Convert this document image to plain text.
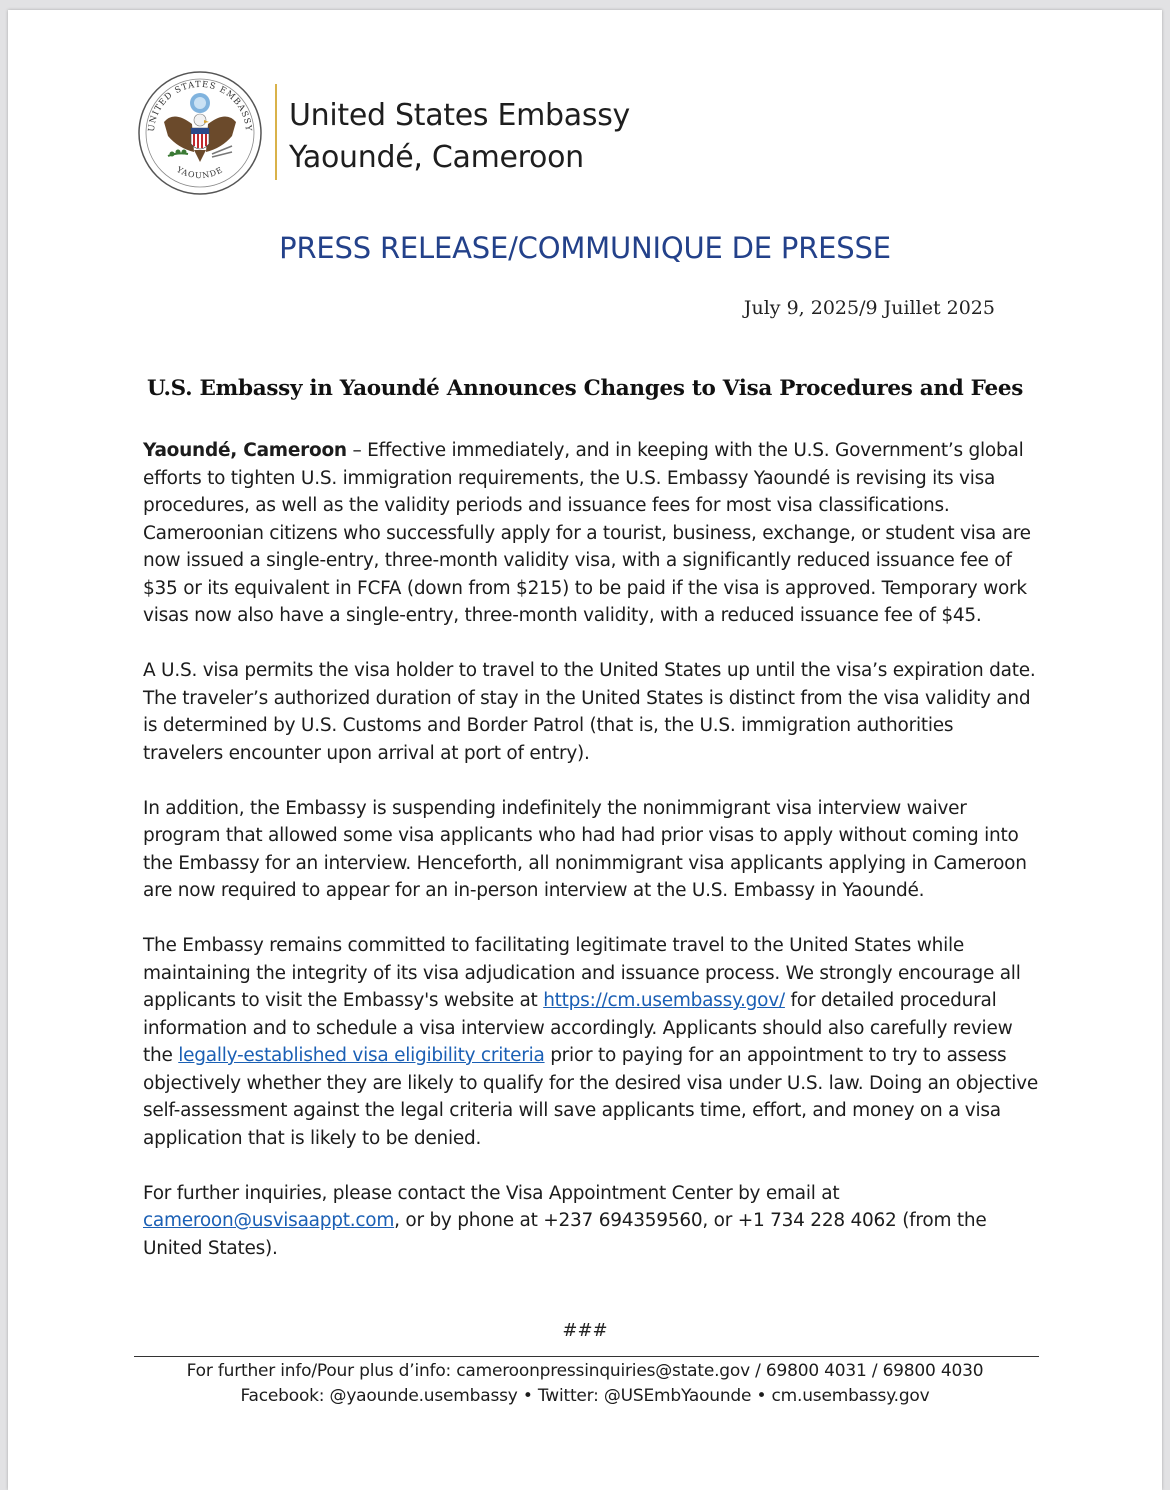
UNITED STATES EMBASSY
YAOUNDE
United States Embassy
Yaoundé, Cameroon
PRESS RELEASE/COMMUNIQUE DE PRESSE
July 9, 2025/9 Juillet 2025
U.S. Embassy in Yaoundé Announces Changes to Visa Procedures and Fees

Yaoundé, Cameroon – Effective immediately, and in keeping with the U.S. Government’s global efforts to tighten U.S. immigration requirements, the U.S. Embassy Yaoundé is revising its visa procedures, as well as the validity periods and issuance fees for most visa classifications. Cameroonian citizens who successfully apply for a tourist, business, exchange, or student visa are now issued a single-entry, three-month validity visa, with a significantly reduced issuance fee of $35 or its equivalent in FCFA (down from $215) to be paid if the visa is approved. Temporary work visas now also have a single-entry, three-month validity, with a reduced issuance fee of $45.

A U.S. visa permits the visa holder to travel to the United States up until the visa’s expiration date. The traveler’s authorized duration of stay in the United States is distinct from the visa validity and is determined by U.S. Customs and Border Patrol (that is, the U.S. immigration authorities travelers encounter upon arrival at port of entry).

In addition, the Embassy is suspending indefinitely the nonimmigrant visa interview waiver program that allowed some visa applicants who had had prior visas to apply without coming into the Embassy for an interview. Henceforth, all nonimmigrant visa applicants applying in Cameroon are now required to appear for an in-person interview at the U.S. Embassy in Yaoundé.

The Embassy remains committed to facilitating legitimate travel to the United States while maintaining the integrity of its visa adjudication and issuance process. We strongly encourage all applicants to visit the Embassy's website at https://cm.usembassy.gov/ for detailed procedural information and to schedule a visa interview accordingly. Applicants should also carefully review the legally-established visa eligibility criteria prior to paying for an appointment to try to assess objectively whether they are likely to qualify for the desired visa under U.S. law. Doing an objective self-assessment against the legal criteria will save applicants time, effort, and money on a visa application that is likely to be denied.

For further inquiries, please contact the Visa Appointment Center by email at cameroon@usvisaappt.com, or by phone at +237 694359560, or +1 734 228 4062 (from the United States).

###
For further info/Pour plus d’info: cameroonpressinquiries@state.gov / 69800 4031 / 69800 4030
Facebook: @yaounde.usembassy • Twitter: @USEmbYaounde • cm.usembassy.gov
